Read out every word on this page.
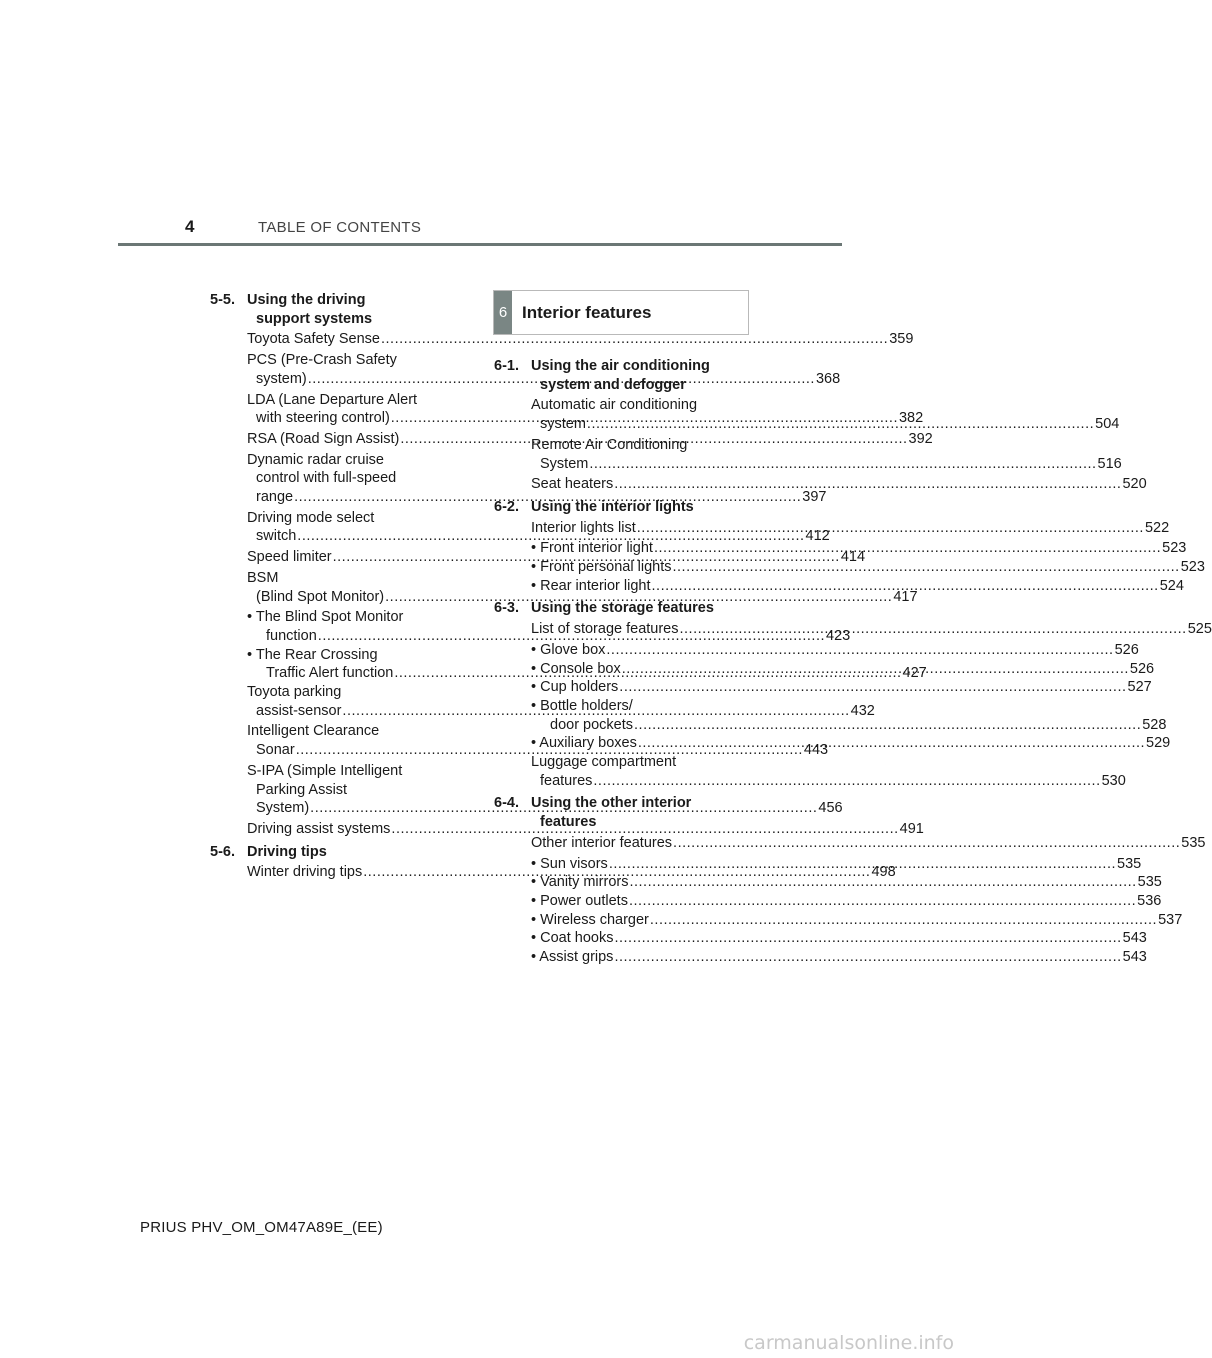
4	TABLE OF CONTENTS
5-5. Using the driving
support systems
Toyota Safety Sense .....	359
PCS (Pre-Crash Safety
system) .....	368
LDA (Lane Departure Alert
with steering control) .....	382
RSA (Road Sign Assist) .....	392
Dynamic radar cruise
control with full-speed
range .....	397
Driving mode select
switch .....	412
Speed limiter .....	414
BSM
(Blind Spot Monitor) .....	417
• The Blind Spot Monitor
function .....	423
• The Rear Crossing
Traffic Alert function .....	427
Toyota parking
assist-sensor .....	432
Intelligent Clearance
Sonar .....	443
S-IPA (Simple Intelligent
Parking Assist
System) .....	456
Driving assist systems .....	491
5-6. Driving tips
Winter driving tips .....	498
6 Interior features
6-1. Using the air conditioning
system and defogger
Automatic air conditioning
system .....	504
Remote Air Conditioning
System .....	516
Seat heaters .....	520
6-2. Using the interior lights
Interior lights list .....	522
• Front interior light .....	523
• Front personal lights .....	523
• Rear interior light .....	524
6-3. Using the storage features
List of storage features .....	525
• Glove box .....	526
• Console box .....	526
• Cup holders .....	527
• Bottle holders/
door pockets .....	528
• Auxiliary boxes .....	529
Luggage compartment
features .....	530
6-4. Using the other interior
features
Other interior features .....	535
• Sun visors .....	535
• Vanity mirrors .....	535
• Power outlets .....	536
• Wireless charger .....	537
• Coat hooks .....	543
• Assist grips .....	543
PRIUS PHV_OM_OM47A89E_(EE)
carmanualsonline.info
